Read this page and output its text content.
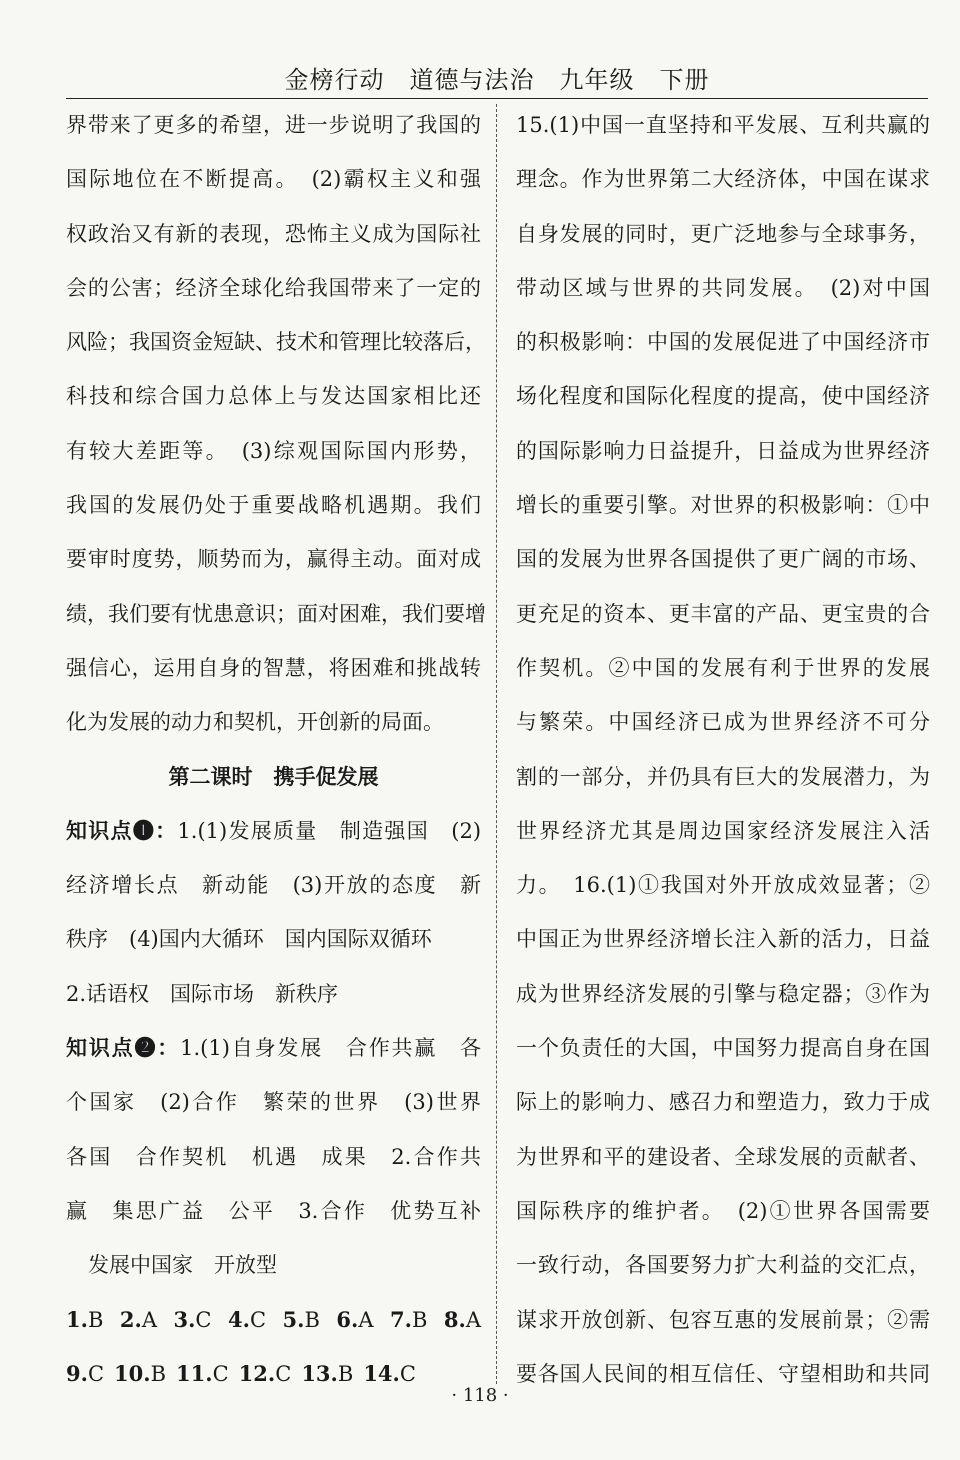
金榜行动　道德与法治　九年级　下册

界带来了更多的希望，进一步说明了我国的

国际地位在不断提高。　(2)霸权主义和强

权政治又有新的表现，恐怖主义成为国际社

会的公害；经济全球化给我国带来了一定的

风险；我国资金短缺、技术和管理比较落后，

科技和综合国力总体上与发达国家相比还

有较大差距等。　(3)综观国际国内形势，

我国的发展仍处于重要战略机遇期。我们

要审时度势，顺势而为，赢得主动。面对成

绩，我们要有忧患意识；面对困难，我们要增

强信心，运用自身的智慧，将困难和挑战转

化为发展的动力和契机，开创新的局面。

第二课时　携手促发展

知识点❶：1.(1)发展质量　制造强国　(2)

经济增长点　新动能　(3)开放的态度　新

秩序　(4)国内大循环　国内国际双循环

2.话语权　国际市场　新秩序

知识点❷：1.(1)自身发展　合作共赢　各

个国家　(2)合作　繁荣的世界　(3)世界

各国　合作契机　机遇　成果　2.合作共

赢　集思广益　公平　3.合作　优势互补

发展中国家　开放型

1.B 2.A 3.C 4.C 5.B 6.A 7.B 8.A
9.C 10.B 11.C 12.C 13.B 14.C

15.(1)中国一直坚持和平发展、互利共赢的

理念。作为世界第二大经济体，中国在谋求

自身发展的同时，更广泛地参与全球事务，

带动区域与世界的共同发展。　(2)对中国

的积极影响：中国的发展促进了中国经济市

场化程度和国际化程度的提高，使中国经济

的国际影响力日益提升，日益成为世界经济

增长的重要引擎。对世界的积极影响：①中

国的发展为世界各国提供了更广阔的市场、

更充足的资本、更丰富的产品、更宝贵的合

作契机。②中国的发展有利于世界的发展

与繁荣。中国经济已成为世界经济不可分

割的一部分，并仍具有巨大的发展潜力，为

世界经济尤其是周边国家经济发展注入活

力。　16.(1)①我国对外开放成效显著；②

中国正为世界经济增长注入新的活力，日益

成为世界经济发展的引擎与稳定器；③作为

一个负责任的大国，中国努力提高自身在国

际上的影响力、感召力和塑造力，致力于成

为世界和平的建设者、全球发展的贡献者、

国际秩序的维护者。　(2)①世界各国需要

一致行动，各国要努力扩大利益的交汇点，

谋求开放创新、包容互惠的发展前景；②需

要各国人民间的相互信任、守望相助和共同

· 118 ·
